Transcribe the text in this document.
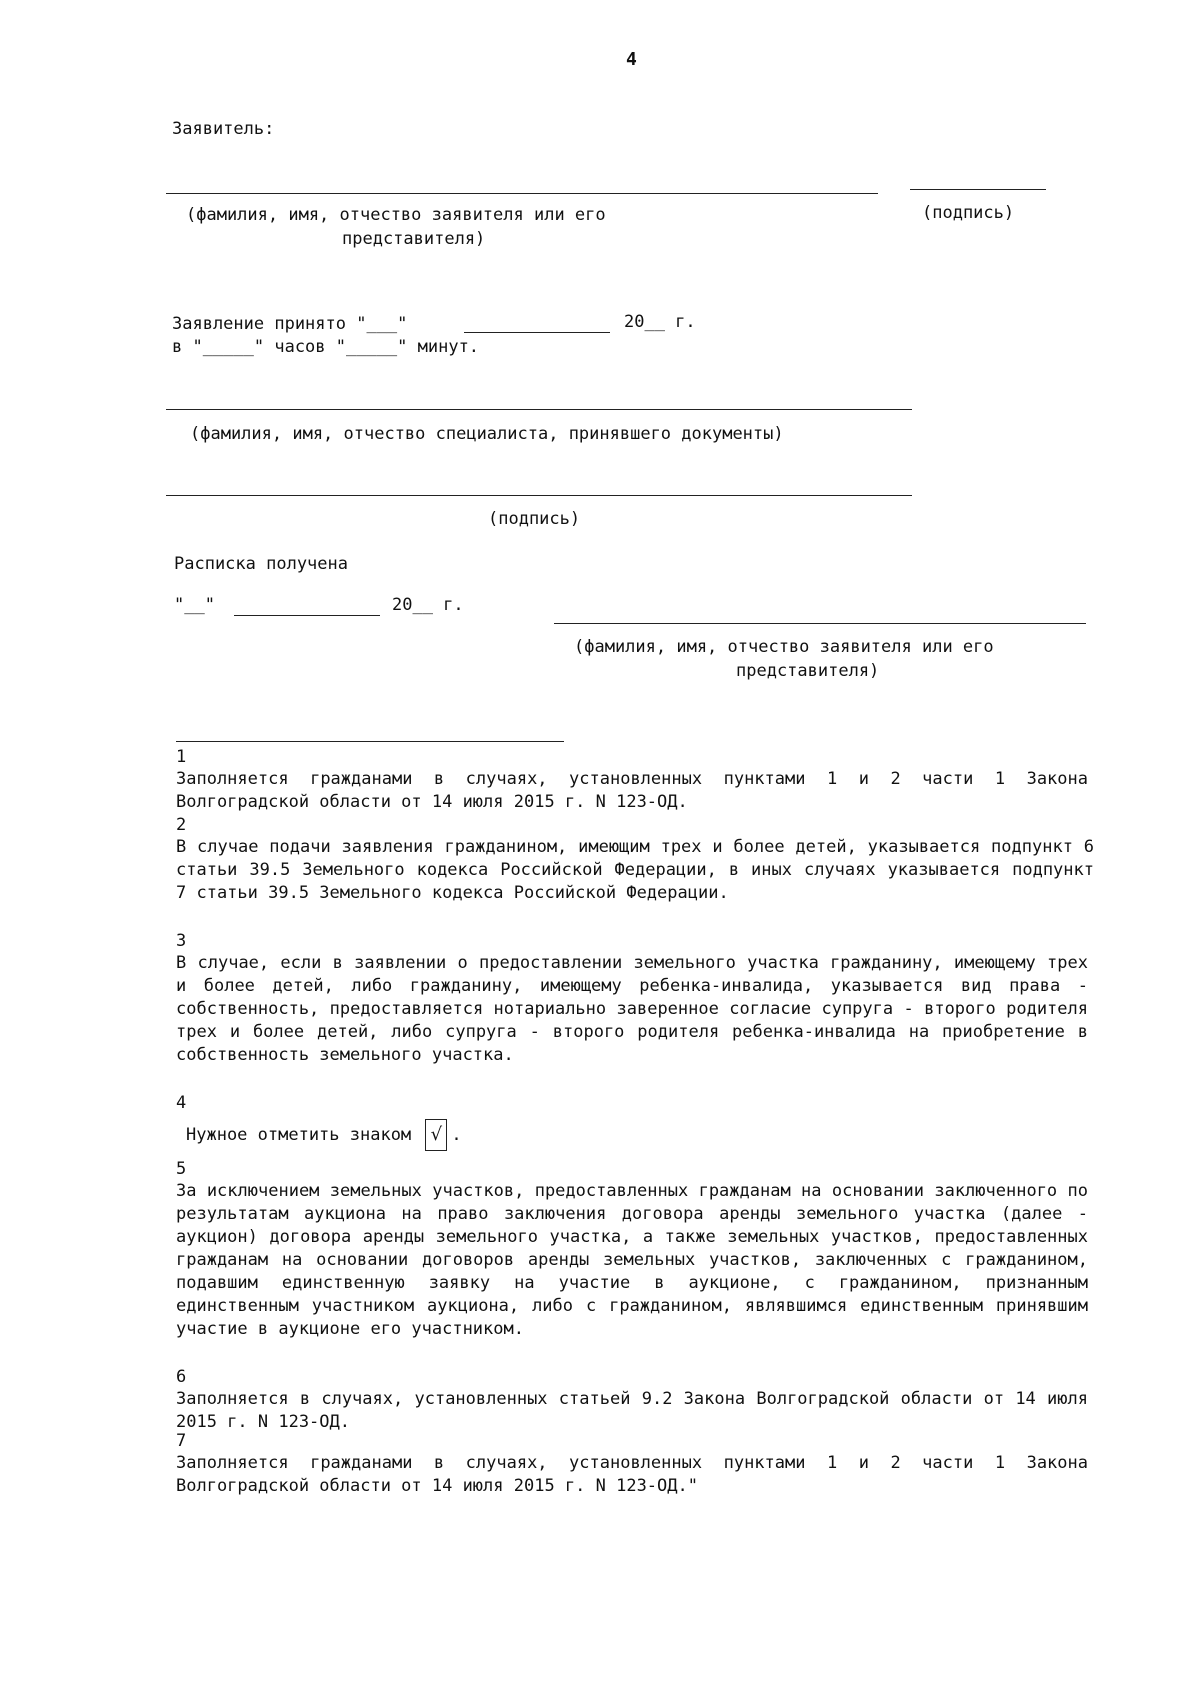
4
Заявитель:
(фамилия, имя, отчество заявителя или его
представителя)
(подпись)
Заявление принято "___"	20__ г.
в "_____" часов "_____" минут.
(фамилия, имя, отчество специалиста, принявшего документы)
(подпись)
Расписка получена
"__"	20__ г.
(фамилия, имя, отчество заявителя или его
представителя)
1
Заполняется гражданами в случаях, установленных пунктами 1 и 2 части 1 Закона Волгоградской области от 14 июля 2015 г. N 123-ОД.
2
В случае подачи заявления гражданином, имеющим трех и более детей, указывается подпункт 6 статьи 39.5 Земельного кодекса Российской Федерации, в иных случаях указывается подпункт 7 статьи 39.5 Земельного кодекса Российской Федерации.
3
В случае, если в заявлении о предоставлении земельного участка гражданину, имеющему трех и более детей, либо гражданину, имеющему ребенка-инвалида, указывается вид права - собственность, предоставляется нотариально заверенное согласие супруга - второго родителя трех и более детей, либо супруга - второго родителя ребенка-инвалида на приобретение в собственность земельного участка.
4
Нужное отметить знаком √ .
5
За исключением земельных участков, предоставленных гражданам на основании заключенного по результатам аукциона на право заключения договора аренды земельного участка (далее - аукцион) договора аренды земельного участка, а также земельных участков, предоставленных гражданам на основании договоров аренды земельных участков, заключенных с гражданином, подавшим единственную заявку на участие в аукционе, с гражданином, признанным единственным участником аукциона, либо с гражданином, являвшимся единственным принявшим участие в аукционе его участником.
6
Заполняется в случаях, установленных статьей 9.2 Закона Волгоградской области от 14 июля 2015 г. N 123-ОД.
7
Заполняется гражданами в случаях, установленных пунктами 1 и 2 части 1 Закона Волгоградской области от 14 июля 2015 г. N 123-ОД."
